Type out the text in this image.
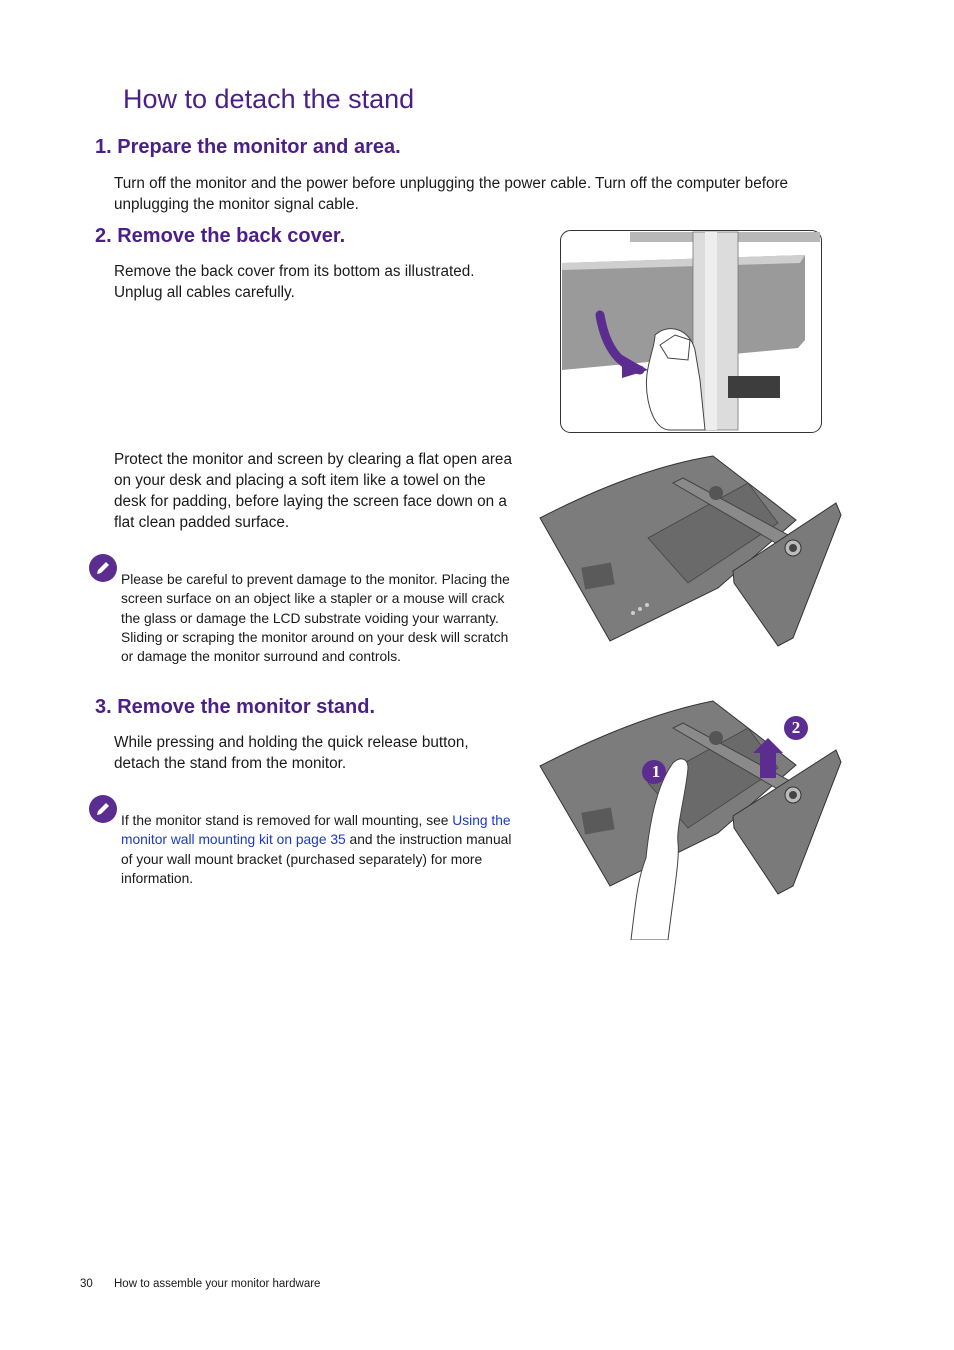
How to detach the stand
1. Prepare the monitor and area.

Turn off the monitor and the power before unplugging the power cable. Turn off the computer before unplugging the monitor signal cable.

2. Remove the back cover.

Remove the back cover from its bottom as illustrated. Unplug all cables carefully.

Protect the monitor and screen by clearing a flat open area on your desk and placing a soft item like a towel on the desk for padding, before laying the screen face down on a flat clean padded surface.

Please be careful to prevent damage to the monitor. Placing the screen surface on an object like a stapler or a mouse will crack the glass or damage the LCD substrate voiding your warranty. Sliding or scraping the monitor around on your desk will scratch or damage the monitor surround and controls.

3. Remove the monitor stand.

While pressing and holding the quick release button, detach the stand from the monitor.

If the monitor stand is removed for wall mounting, see Using the monitor wall mounting kit on page 35 and the instruction manual of your wall mount bracket (purchased separately) for more information.

1
2
30 How to assemble your monitor hardware
